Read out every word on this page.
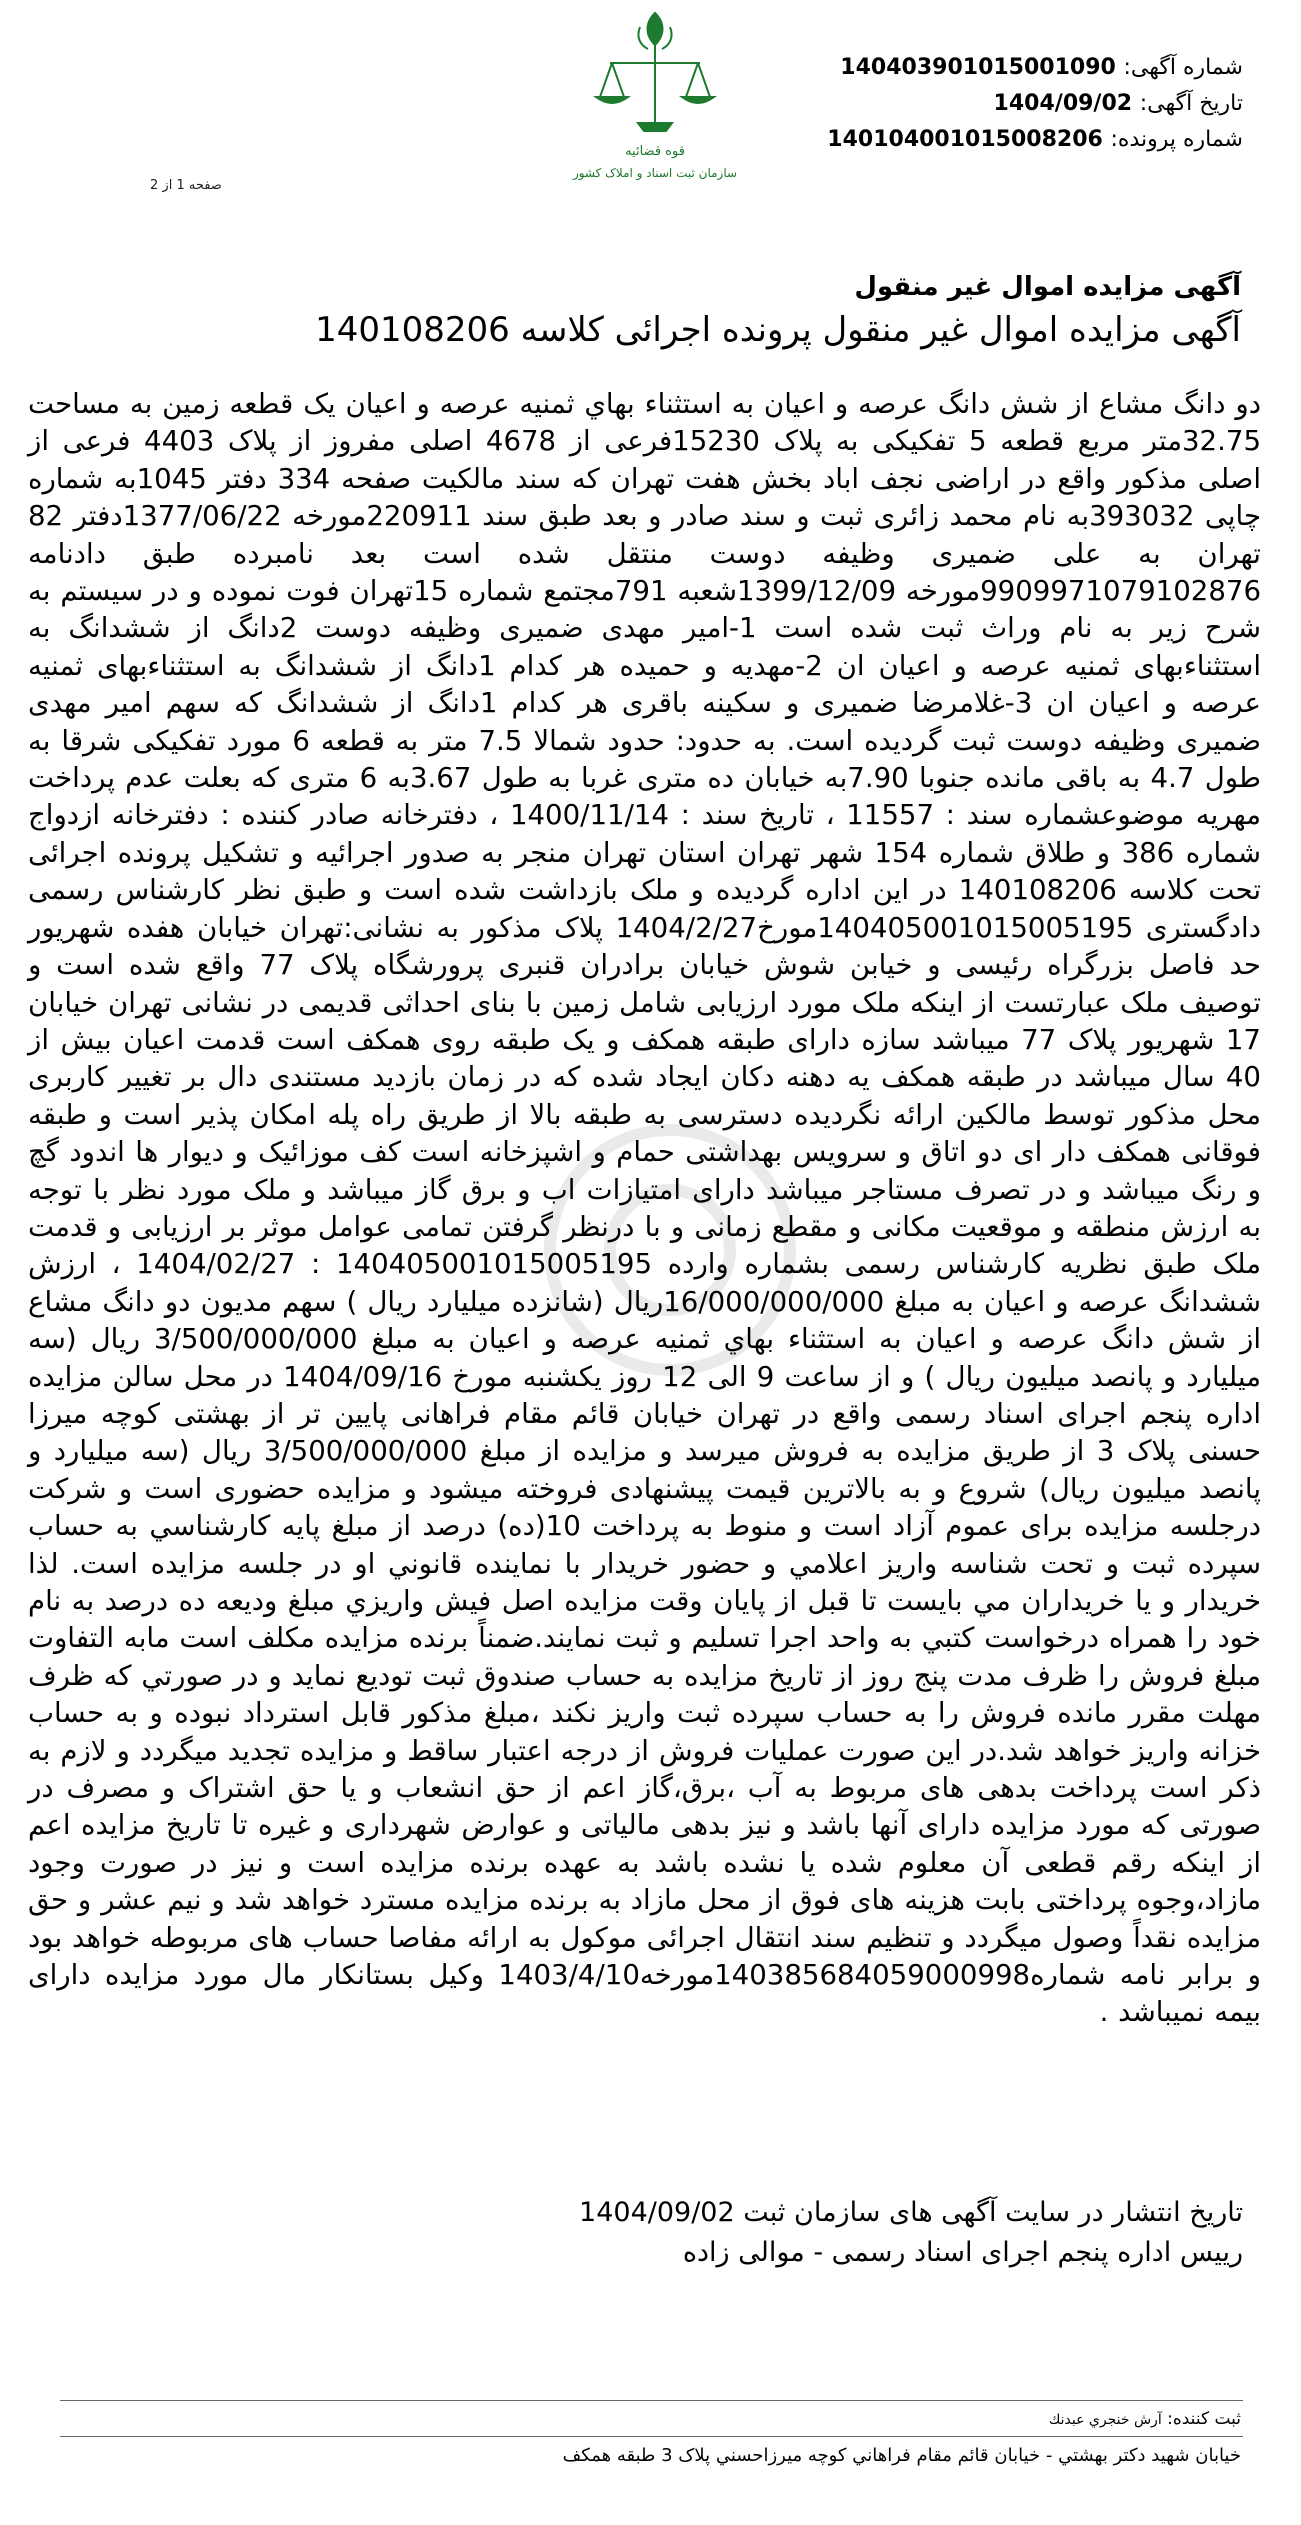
قوه قضائیه
سازمان ثبت اسناد و املاک کشور
صفحه 1 از 2
شماره آگهی: 140403901015001090
تاریخ آگهی: 1404/09/02
شماره پرونده: 140104001015008206
آگهی مزایده اموال غیر منقول
آگهی مزایده اموال غیر منقول پرونده اجرائی کلاسه 140108206

دو دانگ مشاع از شش دانگ عرصه و اعیان به استثناء بهاي ثمنیه عرصه و اعیان یک قطعه زمین به مساحت 32.75متر مربع قطعه 5 تفکیکی به پلاک 15230فرعی از 4678 اصلی مفروز از پلاک 4403 فرعی از اصلی مذکور واقع در اراضی نجف اباد بخش هفت تهران که سند مالکیت صفحه 334 دفتر 1045به شماره چاپی 393032به نام محمد زائری ثبت و سند صادر و بعد طبق سند 220911مورخه 1377/06/22دفتر 82 تهران به علی ضمیری وظیفه دوست منتقل شده است بعد نامبرده طبق دادنامه 9909971079102876مورخه 1399/12/09شعبه 791مجتمع شماره 15تهران فوت نموده و در سیستم به شرح زیر به نام وراث ثبت شده است 1-امیر مهدی ضمیری وظیفه دوست 2دانگ از ششدانگ به استثناءبهای ثمنیه عرصه و اعیان ان 2-مهدیه و حمیده هر کدام 1دانگ از ششدانگ به استثناءبهای ثمنیه عرصه و اعیان ان 3-غلامرضا ضمیری و سکینه باقری هر کدام 1دانگ از ششدانگ که سهم امیر مهدی ضمیری وظیفه دوست ثبت گردیده است. به حدود: حدود شمالا 7.5 متر به قطعه 6 مورد تفکیکی شرقا به طول 4.7 به باقی مانده جنوبا 7.90به خیابان ده متری غربا به طول 3.67به 6 متری که بعلت عدم پرداخت مهریه موضوعشماره سند : 11557 ، تاریخ سند : 1400/11/14 ، دفترخانه صادر کننده : دفترخانه ازدواج شماره 386 و طلاق شماره 154 شهر تهران استان تهران منجر به صدور اجرائیه و تشکیل پرونده اجرائی تحت کلاسه 140108206 در این اداره گردیده و ملک بازداشت شده است و طبق نظر کارشناس رسمی دادگستری 140405001015005195مورخ1404/2/27 پلاک مذکور به نشانی:تهران خیابان هفده شهریور حد فاصل بزرگراه رئیسی و خیابن شوش خیابان برادران قنبری پرورشگاه پلاک 77 واقع شده است و توصیف ملک عبارتست از اینکه ملک مورد ارزیابی شامل زمین با بنای احداثی قدیمی در نشانی تهران خیابان 17 شهریور پلاک 77 میباشد سازه دارای طبقه همکف و یک طبقه روی همکف است قدمت اعیان بیش از 40 سال میباشد در طبقه همکف یه دهنه دکان ایجاد شده که در زمان بازدید مستندی دال بر تغییر کاربری محل مذکور توسط مالکین ارائه نگردیده دسترسی به طبقه بالا از طریق راه پله امکان پذیر است و طبقه فوقانی همکف دار ای دو اتاق و سرویس بهداشتی حمام و اشپزخانه است کف موزائیک و دیوار ها اندود گچ و رنگ میباشد و در تصرف مستاجر میباشد دارای امتیازات اب و برق گاز میباشد و ملک مورد نظر با توجه به ارزش منطقه و موقعیت مکانی و مقطع زمانی و با درنظر گرفتن تمامی عوامل موثر بر ارزیابی و قدمت ملک طبق نظریه کارشناس رسمی بشماره وارده 140405001015005195 : 1404/02/27 ، ارزش ششدانگ عرصه و اعیان به مبلغ 16/000/000/000ریال (شانزده میلیارد ریال ) سهم مدیون دو دانگ مشاع از شش دانگ عرصه و اعیان به استثناء بهاي ثمنیه عرصه و اعیان به مبلغ 3/500/000/000 ریال (سه میلیارد و پانصد میلیون ریال ) و از ساعت 9 الی 12 روز یکشنبه مورخ 1404/09/16 در محل سالن مزایده اداره پنجم اجرای اسناد رسمی واقع در تهران خیابان قائم مقام فراهانی پایین تر از بهشتی کوچه میرزا حسنی پلاک 3 از طریق مزایده به فروش میرسد و مزایده از مبلغ 3/500/000/000 ریال (سه میلیارد و پانصد میلیون ریال) شروع و به بالاترین قیمت پیشنهادی فروخته میشود و مزایده حضوری است و شرکت درجلسه مزایده برای عموم آزاد است و منوط به پرداخت 10(ده) درصد از مبلغ پایه کارشناسي به حساب سپرده ثبت و تحت شناسه واریز اعلامي و حضور خریدار با نماینده قانوني او در جلسه مزایده است. لذا خریدار و یا خریداران مي بایست تا قبل از پایان وقت مزایده اصل فیش واریزي مبلغ ودیعه ده درصد به نام خود را همراه درخواست کتبي به واحد اجرا تسلیم و ثبت نمایند.ضمناً برنده مزایده مکلف است مابه التفاوت مبلغ فروش را ظرف مدت پنج روز از تاریخ مزایده به حساب صندوق ثبت تودیع نماید و در صورتي که ظرف مهلت مقرر مانده فروش را به حساب سپرده ثبت واریز نکند ،مبلغ مذکور قابل استرداد نبوده و به حساب خزانه واریز خواهد شد.در این صورت عملیات فروش از درجه اعتبار ساقط و مزایده تجدید میگردد و لازم به ذکر است پرداخت بدهی های مربوط به آب ،برق،گاز اعم از حق انشعاب و یا حق اشتراک و مصرف در صورتی که مورد مزایده دارای آنها باشد و نیز بدهی مالیاتی و عوارض شهرداری و غیره تا تاریخ مزایده اعم از اینکه رقم قطعی آن معلوم شده یا نشده باشد به عهده برنده مزایده است و نیز در صورت وجود مازاد،وجوه پرداختی بابت هزینه های فوق از محل مازاد به برنده مزایده مسترد خواهد شد و نیم عشر و حق مزایده نقداً وصول میگردد و تنظیم سند انتقال اجرائی موکول به ارائه مفاصا حساب های مربوطه خواهد بود و برابر نامه شماره140385684059000998مورخه1403/4/10 وکیل بستانکار مال مورد مزایده دارای بیمه نمیباشد .

تاریخ انتشار در سایت آگهی های سازمان ثبت 1404/09/02
رییس اداره پنجم اجرای اسناد رسمی - موالی زاده
ثبت کننده: آرش خنجري عبدنك
خیابان شهید دکتر بهشتي - خیابان قائم مقام فراهاني کوچه میرزاحسني پلاک 3 طبقه همکف
